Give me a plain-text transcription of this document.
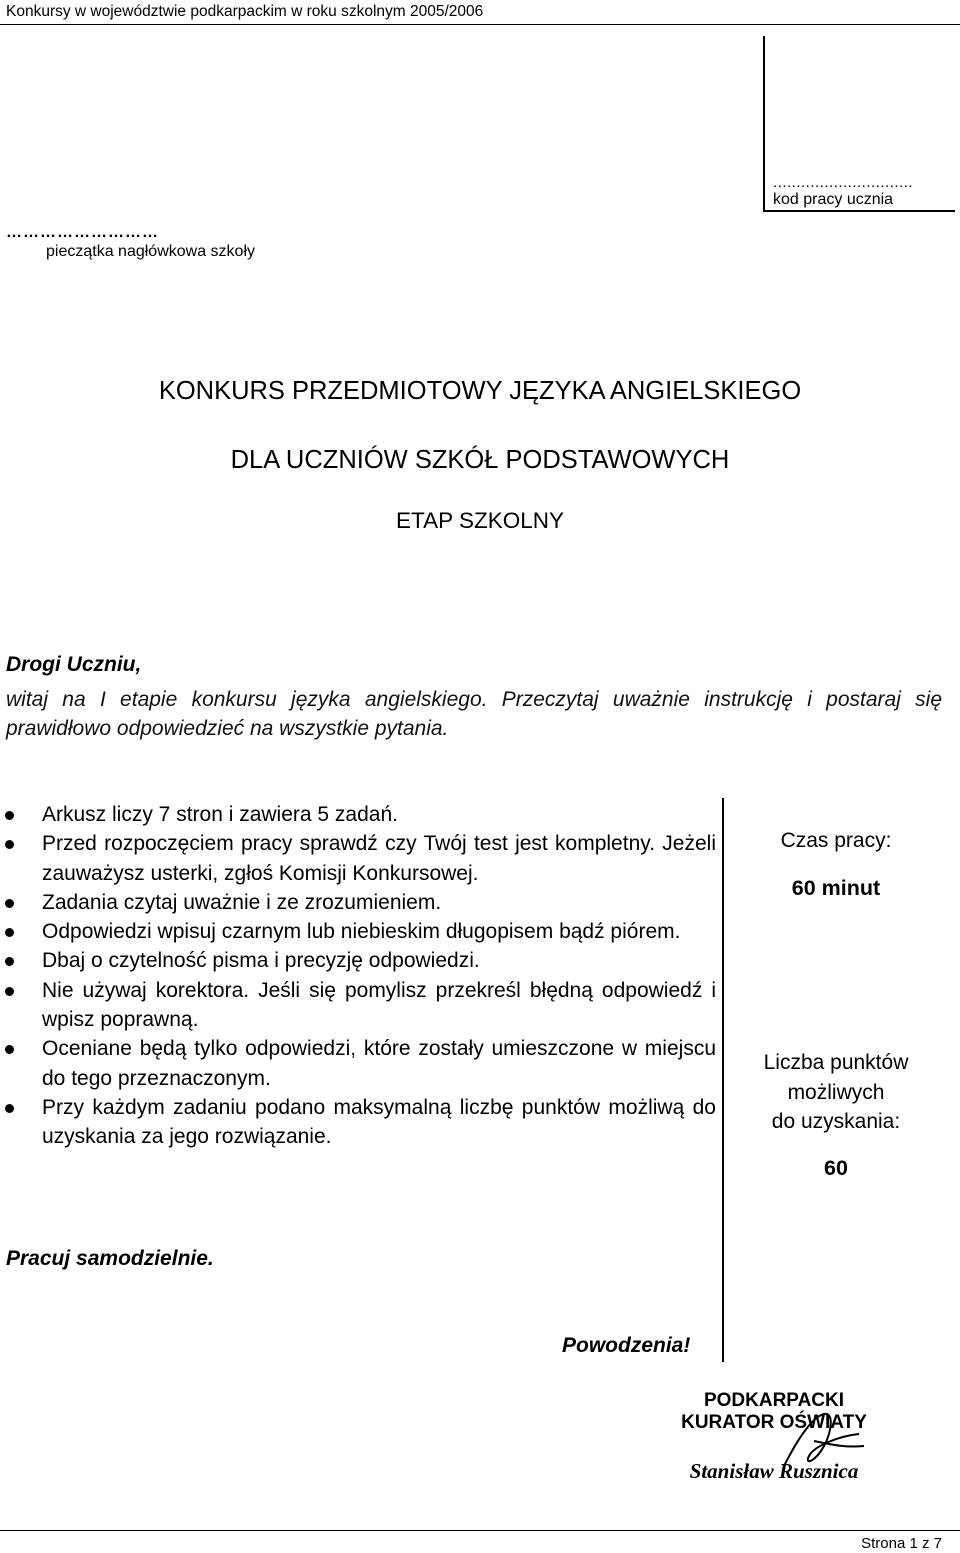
Konkursy w województwie podkarpackim w roku szkolnym 2005/2006
..............................
kod pracy ucznia
………………………
pieczątka nagłówkowa szkoły
KONKURS PRZEDMIOTOWY JĘZYKA ANGIELSKIEGO
DLA UCZNIÓW SZKÓŁ PODSTAWOWYCH
ETAP SZKOLNY
Drogi Uczniu,
witaj na I etapie konkursu języka angielskiego. Przeczytaj uważnie instrukcję i postaraj się prawidłowo odpowiedzieć na wszystkie pytania.
Arkusz liczy 7 stron i zawiera 5 zadań.
Przed rozpoczęciem pracy sprawdź czy Twój test jest kompletny. Jeżeli zauważysz usterki, zgłoś Komisji Konkursowej.
Zadania czytaj uważnie i ze zrozumieniem.
Odpowiedzi wpisuj czarnym lub niebieskim długopisem bądź piórem.
Dbaj o czytelność pisma i precyzję odpowiedzi.
Nie używaj korektora. Jeśli się pomylisz przekreśl błędną odpowiedź i wpisz poprawną.
Oceniane będą tylko odpowiedzi, które zostały umieszczone w miejscu do tego przeznaczonym.
Przy każdym zadaniu podano maksymalną liczbę punktów możliwą do uzyskania za jego rozwiązanie.
Czas pracy:
60 minut
Liczba punktów
możliwych
do uzyskania:
60
Pracuj samodzielnie.
Powodzenia!
PODKARPACKI
KURATOR OŚWIATY
Stanisław Rusznica
Strona 1 z 7
